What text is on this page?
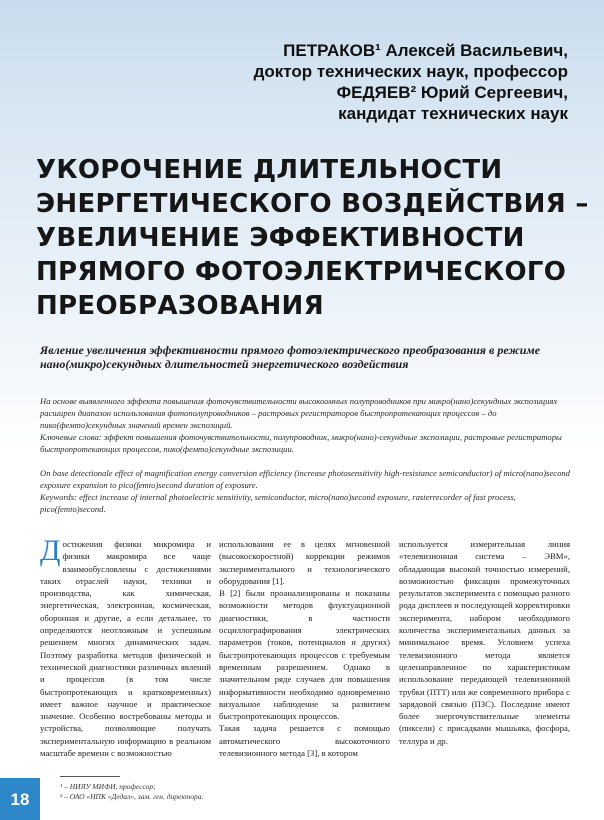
ПЕТРАКОВ¹ Алексей Васильевич,
доктор технических наук, профессор
ФЕДЯЕВ² Юрий Сергеевич,
кандидат технических наук
УКОРОЧЕНИЕ ДЛИТЕЛЬНОСТИ
ЭНЕРГЕТИЧЕСКОГО ВОЗДЕЙСТВИЯ –
УВЕЛИЧЕНИЕ ЭФФЕКТИВНОСТИ
ПРЯМОГО ФОТОЭЛЕКТРИЧЕСКОГО
ПРЕОБРАЗОВАНИЯ
Явление увеличения эффективности прямого фотоэлектрического преобразования в режиме нано(микро)секундных длительностей энергетического воздействия

На основе выявленного эффекта повышения фоточувствительности высокоомных полупроводников при микро(нано)секундных экспозициях расширен диапазон использования фотополупроводников – растровых регистраторов быстропротекающих процессов – до пико(фемто)секундных значений времен экспозиций.

Ключевые слова: эффект повышения фоточувствительности, полупроводник, микро(нано)-секундные экспозиции, растровые регистраторы быстропротекающих процессов, пико(фемто)секундные экспозиции.

On base detectionale effect of magnification energy conversion efficiency (increase photosensitivity high-resistance semiconductor) of micro(nano)second exposure expansion to pico(femto)second duration of exposure.

Keywords: effect increase of internal photoelectric sensitivity, semiconductor, micro(nano)second exposure, rasterrecorder of fast process, pico(femto)second.

Достижения физики микромира и физики макромира все чаще взаимообусловлены с достижениями таких отраслей науки, техники и производства, как химическая, энергетическая, электронная, космическая, оборонная и другие, а если детальнее, то определяются неотложным и успешным решением многих динамических задач. Поэтому разработка методов физической и технической диагностики различных явлений и процессов (в том числе быстропротекающих и кратковременных) имеет важное научное и практическое значение. Особенно востребованы методы и устройства, позволяющие получать экспериментальную информацию в реальном масштабе времени с возможностью

использования ее в целях мгновенной (высокоскоростной) коррекции режимов экспериментального и технологического оборудования [1].

В [2] были проанализированы и показаны возможности методов флуктуационной диагностики, в частности осциллографирования электрических параметров (токов, потенциалов и других) быстропротекающих процессов с требуемым временным разрешением. Однако в значительном ряде случаев для повышения информативности необходимо одновременно визуальное наблюдение за развитием быстропротекающих процессов.

Такая задача решается с помощью автоматического высокоточного телевизионного метода [3], в котором

используется измерительная линия «телевизионная система – ЭВМ», обладающая высокой точностью измерений, возможностью фиксации промежуточных результатов эксперимента с помощью разного рода дисплеев и последующей корректировки эксперимента, набором необходимого количества экспериментальных данных за минимальное время. Условием успеха телевизионного метода является целенаправленное по характеристикам использование передающей телевизионной трубки (ПТТ) или же современного прибора с зарядовой связью (ПЗС). Последние имеют более энергочувствительные элементы (пиксели) с присадками мышьяка, фосфора, теллура и др.

¹ – НИЯУ МИФИ, профессор;
² – ОАО «НПК «Дедал», зам. ген. директора.
18
